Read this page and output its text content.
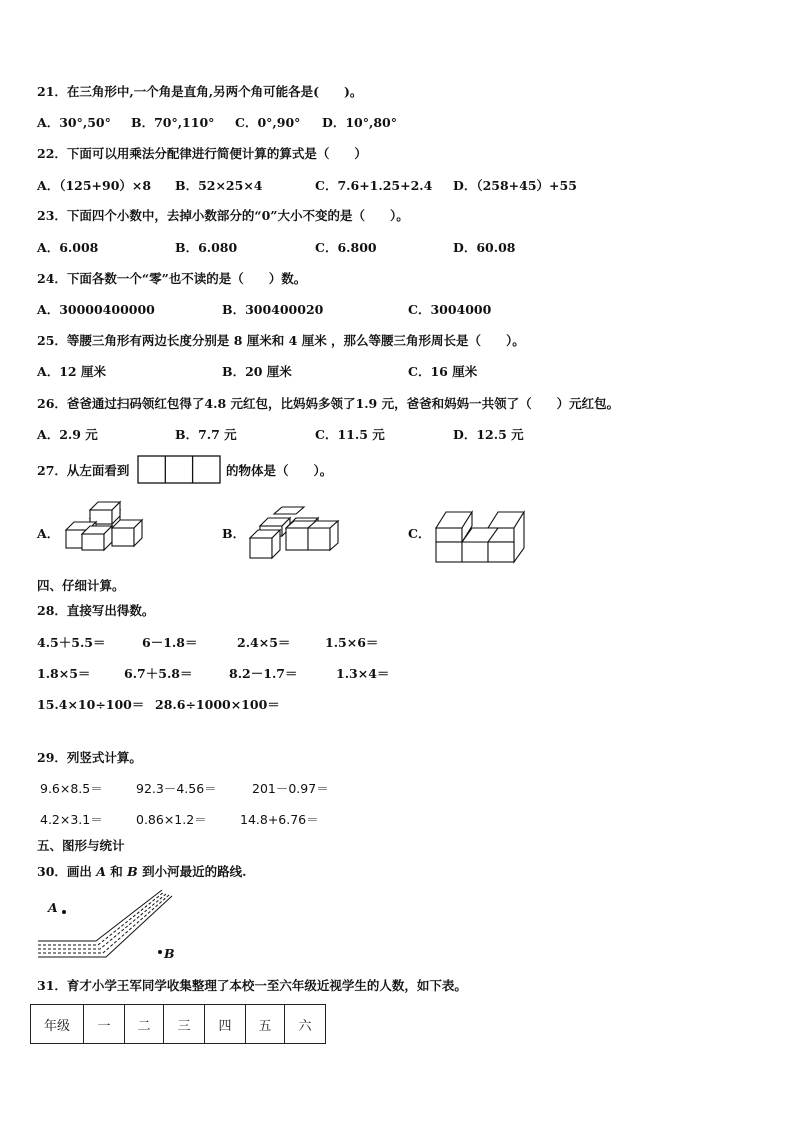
21．在三角形中,一个角是直角,另两个角可能各是(　　)。
A．30°,50° B．70°,110° C．0°,90° D．10°,80°
22．下面可以用乘法分配律进行简便计算的算式是（　　）
A．（125+90）×8 B．52×25×4	C．7.6+1.25+2.4 D．（258+45）+55
23．下面四个小数中，去掉小数部分的“0”大小不变的是（　　）。
A．6.008	B．6.080	C．6.800	D．60.08
24．下面各数一个“零”也不读的是（　　）数。
A．30000400000	B．300400020	C．3004000
25．等腰三角形有两边长度分别是 8 厘米和 4 厘米 ，那么等腰三角形周长是（　　）。
A．12 厘米	B．20 厘米	C．16 厘米
26．爸爸通过扫码领红包得了4.8 元红包，比妈妈多领了1.9 元，爸爸和妈妈一共领了（　　）元红包。
A．2.9 元	B．7.7 元	C．11.5 元	D．12.5 元
27．从左面看到	的物体是（　　）。
A．	B．	C．
四、仔细计算。
28．直接写出得数。
4.5＋5.5＝	6－1.8＝	2.4×5＝	1.5×6＝
1.8×5＝	6.7＋5.8＝	8.2－1.7＝	1.3×4＝
15.4×10÷100＝ 28.6÷1000×100＝
29．列竖式计算。
9.6×8.5＝	92.3－4.56＝	201－0.97＝
4.2×3.1＝	0.86×1.2＝	14.8+6.76＝
五、图形与统计
30．画出 A 和 B 到小河最近的路线.
A
B
31．育才小学王军同学收集整理了本校一至六年级近视学生的人数，如下表。
年级	一	二	三	四	五	六
